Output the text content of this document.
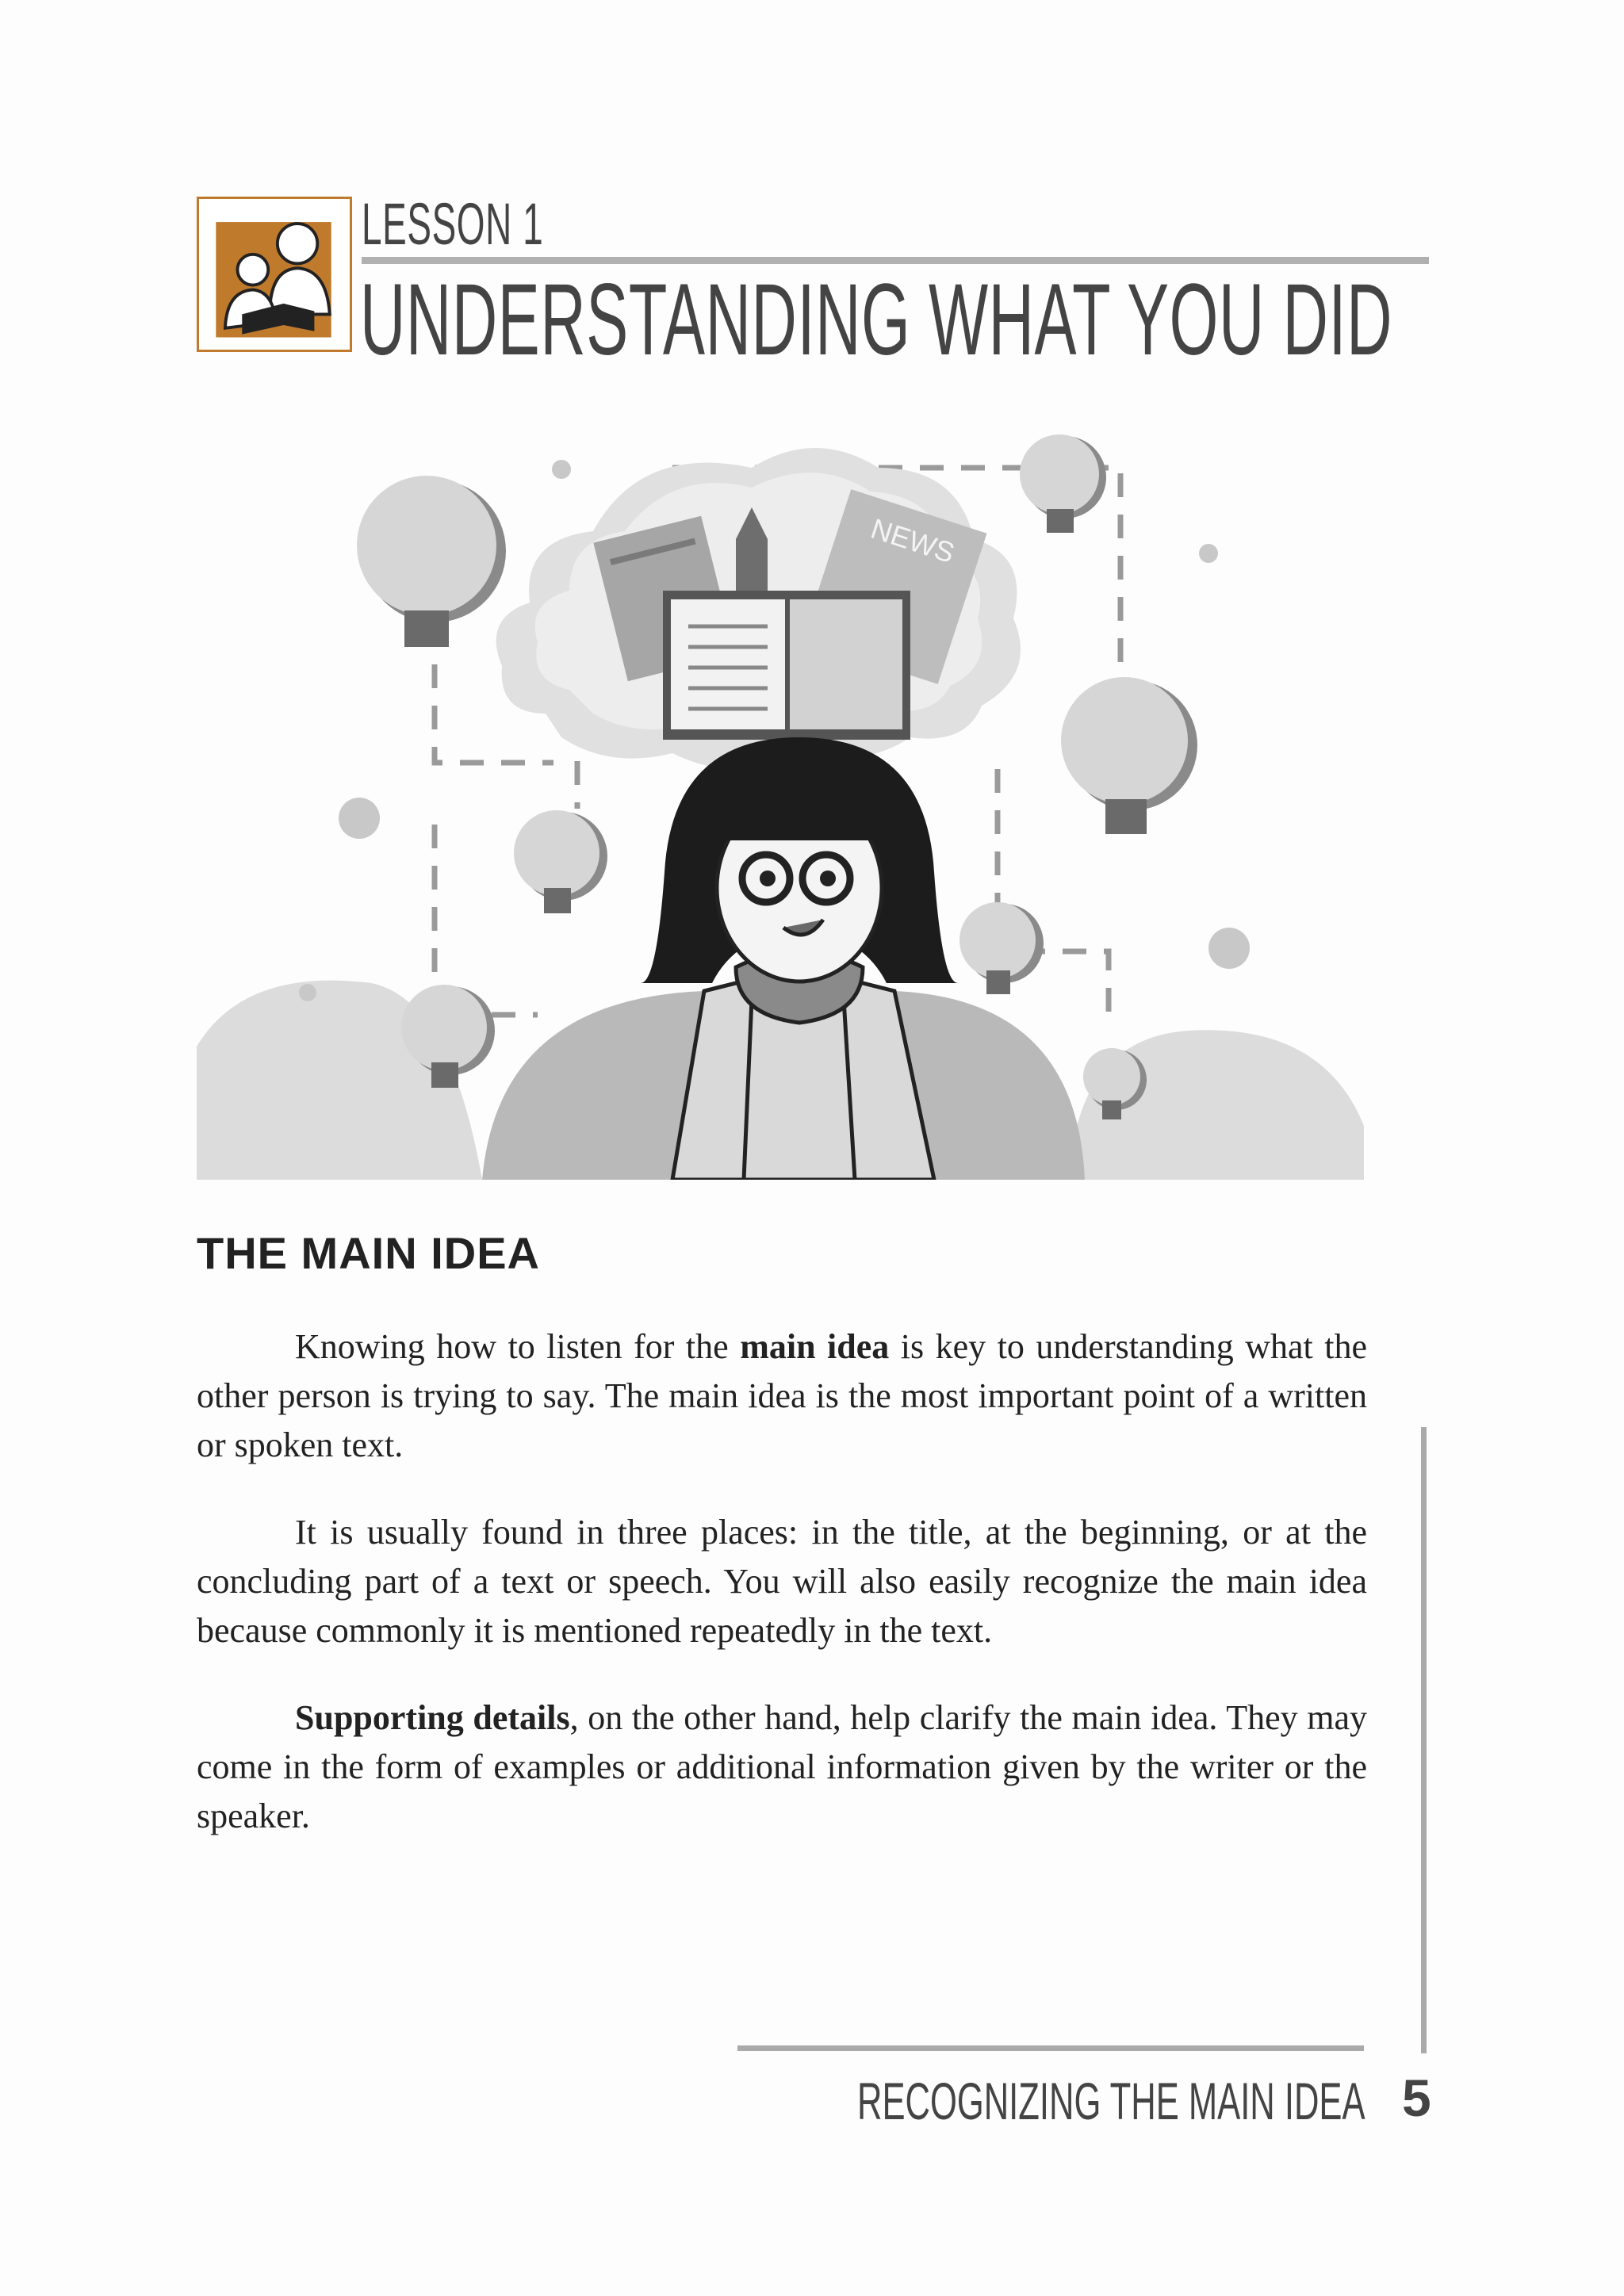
LESSON 1
UNDERSTANDING WHAT YOU DID
NEWS
THE MAIN IDEA

Knowing how to listen for the main idea is key to understanding what the other person is trying to say. The main idea is the most important point of a written or spoken text.

It is usually found in three places: in the title, at the beginning, or at the concluding part of a text or speech. You will also easily recognize the main idea because commonly it is mentioned repeatedly in the text.

Supporting details, on the other hand, help clarify the main idea. They may come in the form of examples or additional information given by the writer or the speaker.

RECOGNIZING THE MAIN IDEA 5
